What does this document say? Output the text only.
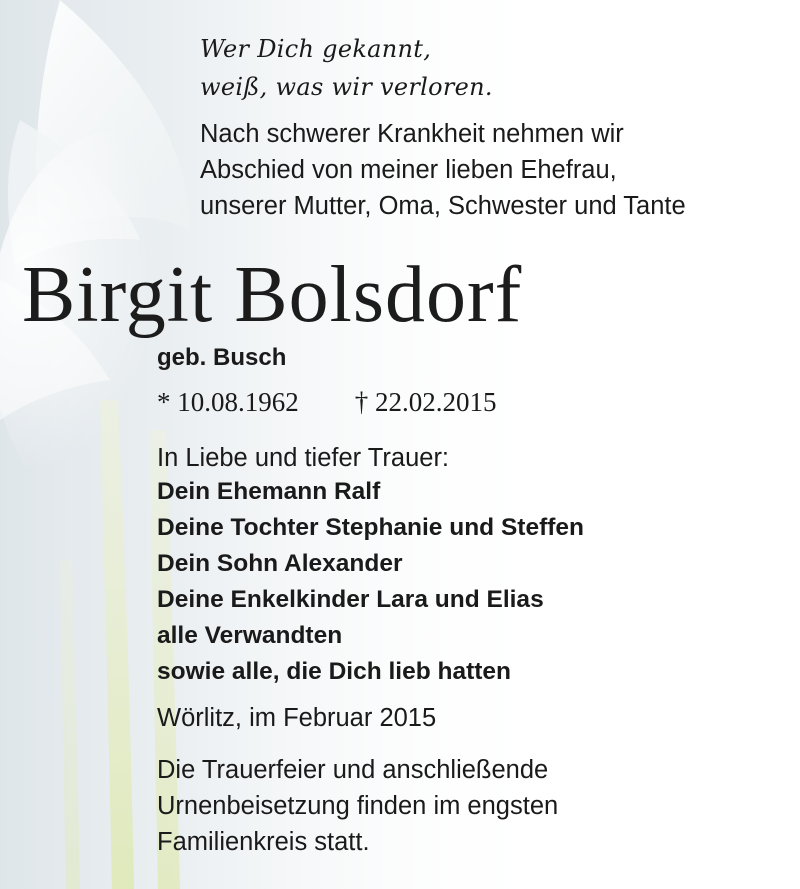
Wer Dich gekannt,
weiß, was wir verloren.
Nach schwerer Krankheit nehmen wir
Abschied von meiner lieben Ehefrau,
unserer Mutter, Oma, Schwester und Tante
Birgit Bolsdorf
geb. Busch
* 10.08.1962 † 22.02.2015
In Liebe und tiefer Trauer:
Dein Ehemann Ralf
Deine Tochter Stephanie und Steffen
Dein Sohn Alexander
Deine Enkelkinder Lara und Elias
alle Verwandten
sowie alle, die Dich lieb hatten
Wörlitz, im Februar 2015
Die Trauerfeier und anschließende
Urnenbeisetzung finden im engsten
Familienkreis statt.
